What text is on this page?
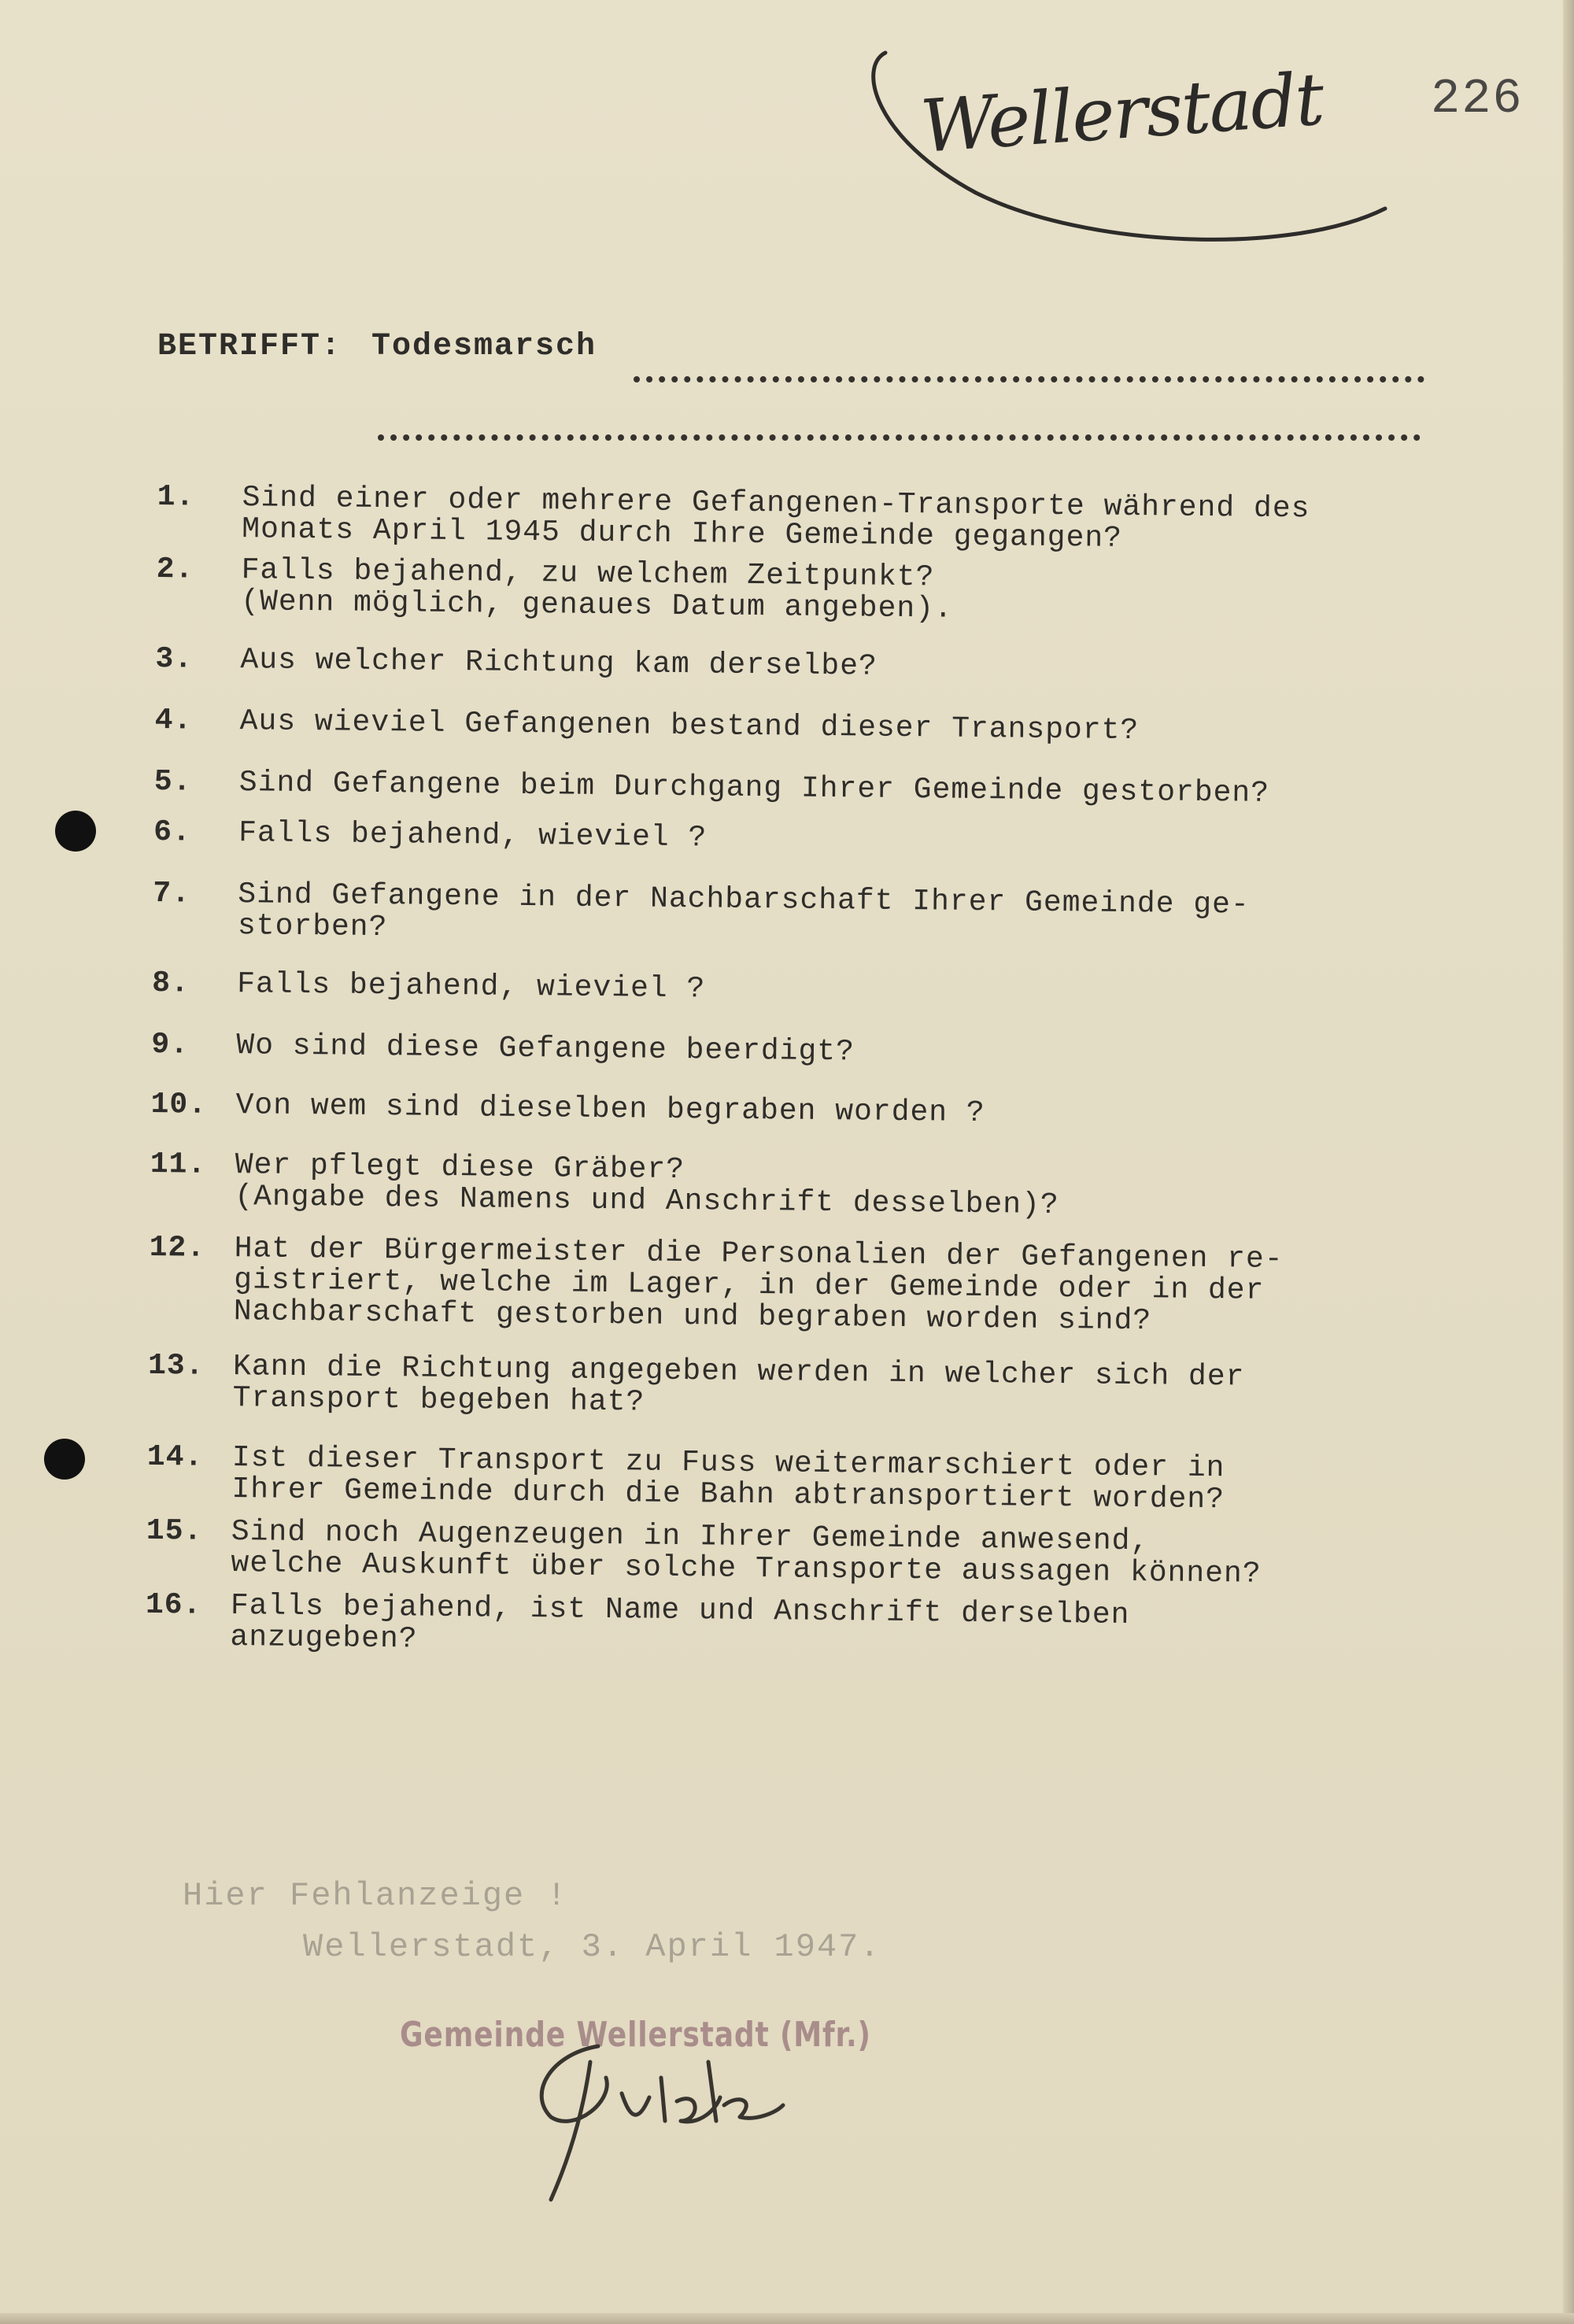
Wellerstadt 226
BETRIFFT: Todesmarsch
1.	Sind einer oder mehrere Gefangenen-Transporte während des
Monats April 1945 durch Ihre Gemeinde gegangen?
2.	Falls bejahend, zu welchem Zeitpunkt?
(Wenn möglich, genaues Datum angeben).
3.	Aus welcher Richtung kam derselbe?
4.	Aus wieviel Gefangenen bestand dieser Transport?
5.	Sind Gefangene beim Durchgang Ihrer Gemeinde gestorben?
6.	Falls bejahend, wieviel ?
7.	Sind Gefangene in der Nachbarschaft Ihrer Gemeinde ge-
storben?
8.	Falls bejahend, wieviel ?
9.	Wo sind diese Gefangene beerdigt?
10. Von wem sind dieselben begraben worden ?
11. Wer pflegt diese Gräber?
(Angabe des Namens und Anschrift desselben)?
12. Hat der Bürgermeister die Personalien der Gefangenen re-
gistriert, welche im Lager, in der Gemeinde oder in der
Nachbarschaft gestorben und begraben worden sind?
13. Kann die Richtung angegeben werden in welcher sich der
Transport begeben hat?
14. Ist dieser Transport zu Fuss weitermarschiert oder in
Ihrer Gemeinde durch die Bahn abtransportiert worden?
15. Sind noch Augenzeugen in Ihrer Gemeinde anwesend,
welche Auskunft über solche Transporte aussagen können?
16. Falls bejahend, ist Name und Anschrift derselben
anzugeben?
Hier Fehlanzeige !
Wellerstadt, 3. April 1947.
Gemeinde Wellerstadt (Mfr.)
